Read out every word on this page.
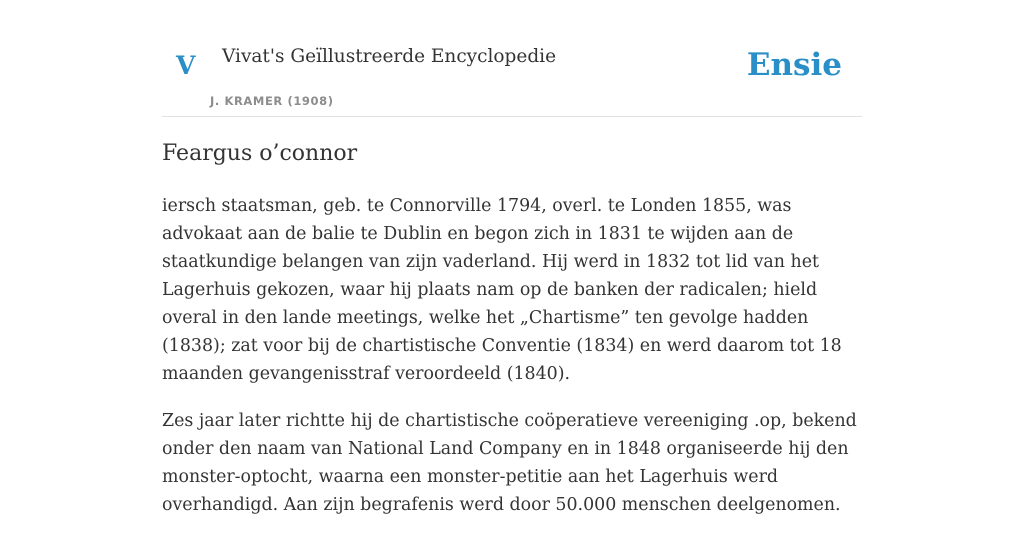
V Vivat's Geïllustreerde Encyclopedie
J. KRAMER (1908)
Ensie
Feargus o’connor

iersch staatsman, geb. te Connorville 1794, overl. te Londen 1855, was advokaat aan de balie te Dublin en begon zich in 1831 te wijden aan de staatkundige belangen van zijn vaderland. Hij werd in 1832 tot lid van het Lagerhuis gekozen, waar hij plaats nam op de banken der radicalen; hield overal in den lande meetings, welke het „Chartisme” ten gevolge hadden (1838); zat voor bij de chartistische Conventie (1834) en werd daarom tot 18 maanden gevangenisstraf veroordeeld (1840).

Zes jaar later richtte hij de chartistische coöperatieve vereeniging .op, bekend onder den naam van National Land Company en in 1848 organiseerde hij den monster-optocht, waarna een monster-petitie aan het Lagerhuis werd overhandigd. Aan zijn begrafenis werd door 50.000 menschen deelgenomen.
